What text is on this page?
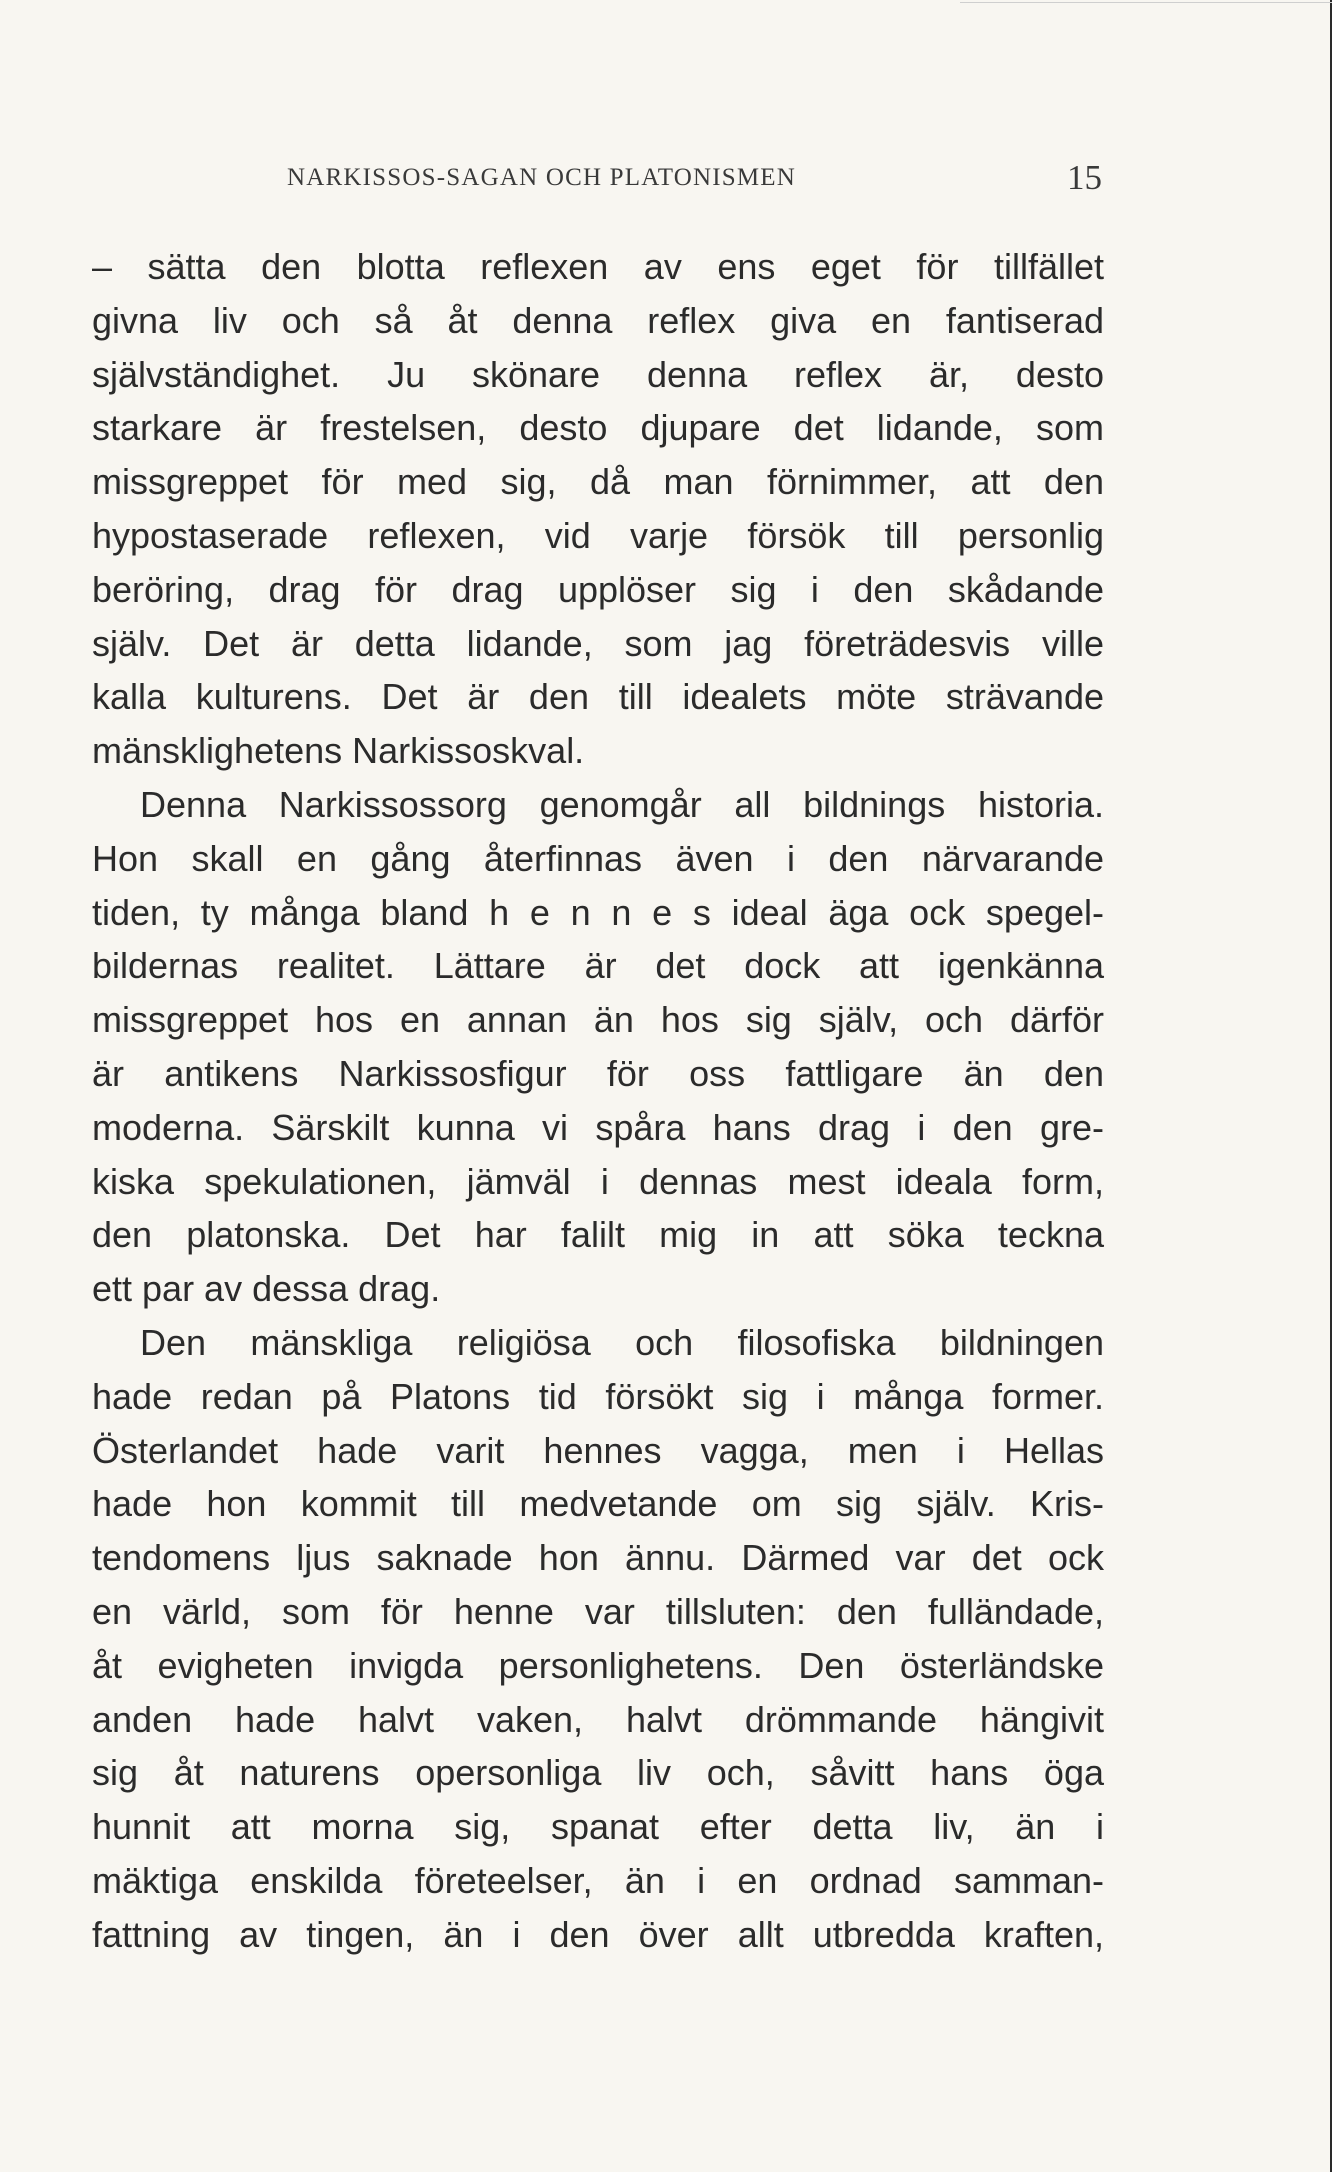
NARKISSOS-SAGAN OCH PLATONISMEN	15
– sätta den blotta reflexen av ens eget för tillfället
givna liv och så åt denna reflex giva en fantiserad
självständighet. Ju skönare denna reflex är, desto
starkare är frestelsen, desto djupare det lidande, som
missgreppet för med sig, då man förnimmer, att den
hypostaserade reflexen, vid varje försök till personlig
beröring, drag för drag upplöser sig i den skådande
själv. Det är detta lidande, som jag företrädesvis ville
kalla kulturens. Det är den till idealets möte strävande
mänsklighetens Narkissoskval.
Denna Narkissossorg genomgår all bildnings historia.
Hon skall en gång återfinnas även i den närvarande
tiden, ty många bland h e n n e s ideal äga ock spegel-
bildernas realitet. Lättare är det dock att igenkänna
missgreppet hos en annan än hos sig själv, och därför
är antikens Narkissosfigur för oss fattligare än den
moderna. Särskilt kunna vi spåra hans drag i den gre-
kiska spekulationen, jämväl i dennas mest ideala form,
den platonska. Det har falilt mig in att söka teckna
ett par av dessa drag.
Den mänskliga religiösa och filosofiska bildningen
hade redan på Platons tid försökt sig i många former.
Österlandet hade varit hennes vagga, men i Hellas
hade hon kommit till medvetande om sig själv. Kris-
tendomens ljus saknade hon ännu. Därmed var det ock
en värld, som för henne var tillsluten: den fulländade,
åt evigheten invigda personlighetens. Den österländske
anden hade halvt vaken, halvt drömmande hängivit
sig åt naturens opersonliga liv och, såvitt hans öga
hunnit att morna sig, spanat efter detta liv, än i
mäktiga enskilda företeelser, än i en ordnad samman-
fattning av tingen, än i den över allt utbredda kraften,
